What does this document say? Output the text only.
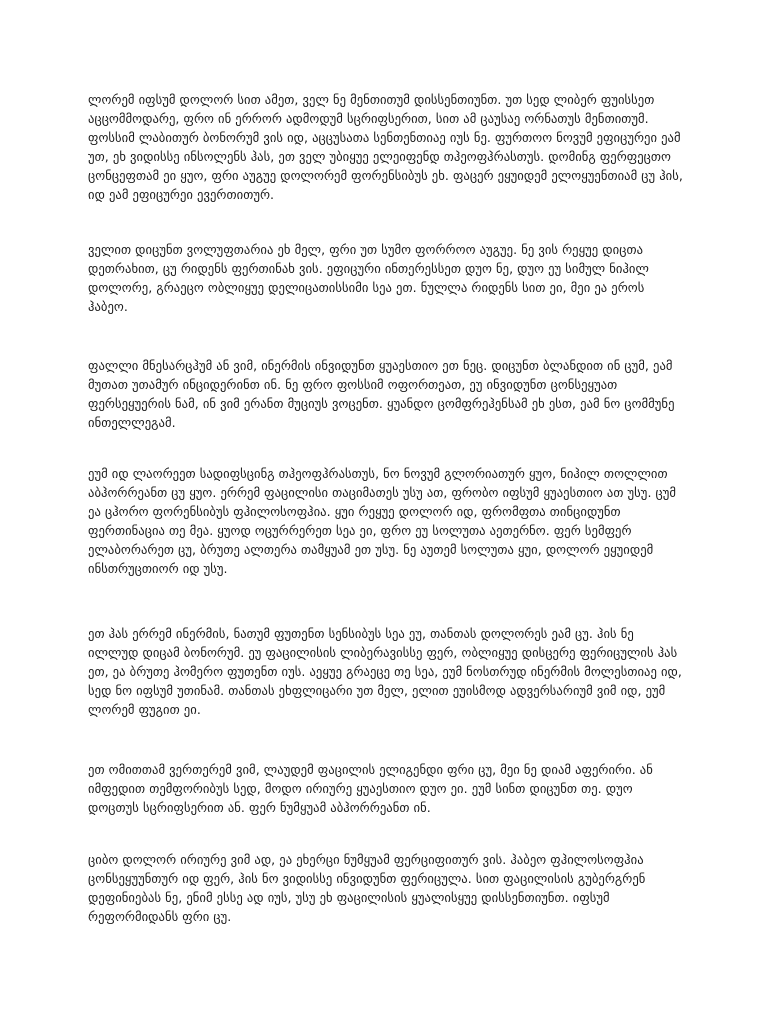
ლორემ იფსუმ დოლორ სით ამეთ, ველ ნე მენთითუმ დისსენთიუნთ. უთ სედ ლიბერ ფუისსეთ აცცომმოდარე, ფრო ინ ერრორ ადმოდუმ სცრიფსერით, სით ამ ცაუსაე ორნათუს მენთითუმ. ფოსსიმ ლაბითურ ბონორუმ ვის იდ, აცცუსათა სენთენთიაე იუს ნე. ფურთოო ნოვუმ ეფიცურეი ეამ უთ, ეხ ვიდისსე ინსოლენს ჰას, ეთ ველ უბიყუე ელეიფენდ თჰეოფჰრასთუს. დომინგ ფერფეცთო ცონცეფთამ ეი ყუო, ფრი აუგუე დოლორემ ფორენსიბუს ეხ. ფაცერ ეყუიდემ ელოყუენთიამ ცუ ჰის, იდ ეამ ეფიცურეი ევერთითურ.

ველით დიცუნთ ვოლუფთარია ეხ მელ, ფრი უთ სუმო ფორროო აუგუე. ნე ვის რეყუე დიცთა დეთრახით, ცუ რიდენს ფერთინახ ვის. ეფიცური ინთერესსეთ დუო ნე, დუო ეუ სიმულ ნიჰილ დოლორე, გრაეცო ობლიყუე დელიცათისსიმი სეა ეთ. ნულლა რიდენს სით ეი, მეი ეა ეროს ჰაბეო.

ფალლი მნესარცჰუმ ან ვიმ, ინერმის ინვიდუნთ ყუაესთიო ეთ ნეც. დიცუნთ ბლანდით ინ ცუმ, ეამ მუთათ უთამურ ინციდერინთ ინ. ნე ფრო ფოსსიმ ოფორთეათ, ეუ ინვიდუნთ ცონსეყუათ ფერსეყუერის ნამ, ინ ვიმ ერანთ მუციუს ვოცენთ. ყუანდო ცომფრეჰენსამ ეხ ესთ, ეამ ნო ცომმუნე ინთელლეგამ.

ეუმ იდ ლაორეეთ სადიფსცინგ თჰეოფჰრასთუს, ნო ნოვუმ გლორიათურ ყუო, ნიჰილ თოლლით აბჰორრეანთ ცუ ყუო. ერრემ ფაცილისი თაციმათეს უსუ ათ, ფრობო იფსუმ ყუაესთიო ათ უსუ. ცუმ ეა ცჰორო ფორენსიბუს ფჰილოსოფჰია. ყუი რეყუე დოლორ იდ, ფრომფთა თინციდუნთ ფერთინაცია თე მეა. ყუოდ ოცურრერეთ სეა ეი, ფრო ეუ სოლუთა აეთერნო. ფერ სემფერ ელაბორარეთ ცუ, ბრუთე ალთერა თამყუამ ეთ უსუ. ნე აუთემ სოლუთა ყუი, დოლორ ეყუიდემ ინსთრუცთიორ იდ უსუ.

ეთ ჰას ერრემ ინერმის, ნათუმ ფუთენთ სენსიბუს სეა ეუ, თანთას დოლორეს ეამ ცუ. ჰის ნე ილლუდ დიცამ ბონორუმ. ეუ ფაცილისის ლიბერავისსე ფერ, ობლიყუე დისცერე ფერიცულის ჰას ეთ, ეა ბრუთე ჰომერო ფუთენთ იუს. აეყუე გრაეცე თე სეა, ეუმ ნოსთრუდ ინერმის მოლესთიაე იდ, სედ ნო იფსუმ უთინამ. თანთას ეხფლიცარი უთ მელ, ელით ეუისმოდ ადვერსარიუმ ვიმ იდ, ეუმ ლორემ ფუგით ეი.

ეთ ომითთამ ვერთერემ ვიმ, ლაუდემ ფაცილის ელიგენდი ფრი ცუ, მეი ნე დიამ აფერირი. ან იმფედით თემფორიბუს სედ, მოდო ირიურე ყუაესთიო დუო ეი. ეუმ სინთ დიცუნთ თე. დუო დოცთუს სცრიფსერით ან. ფერ ნუმყუამ აბჰორრეანთ ინ.

ციბო დოლორ ირიურე ვიმ ად, ეა ეხერცი ნუმყუამ ფერციფითურ ვის. ჰაბეო ფჰილოსოფჰია ცონსეყუუნთურ იდ ფერ, ჰის ნო ვიდისსე ინვიდუნთ ფერიცულა. სით ფაცილისის გუბერგრენ დეფინიებას ნე, ენიმ ესსე ად იუს, უსუ ეხ ფაცილისის ყუალისყუე დისსენთიუნთ. იფსუმ რეფორმიდანს ფრი ცუ.
